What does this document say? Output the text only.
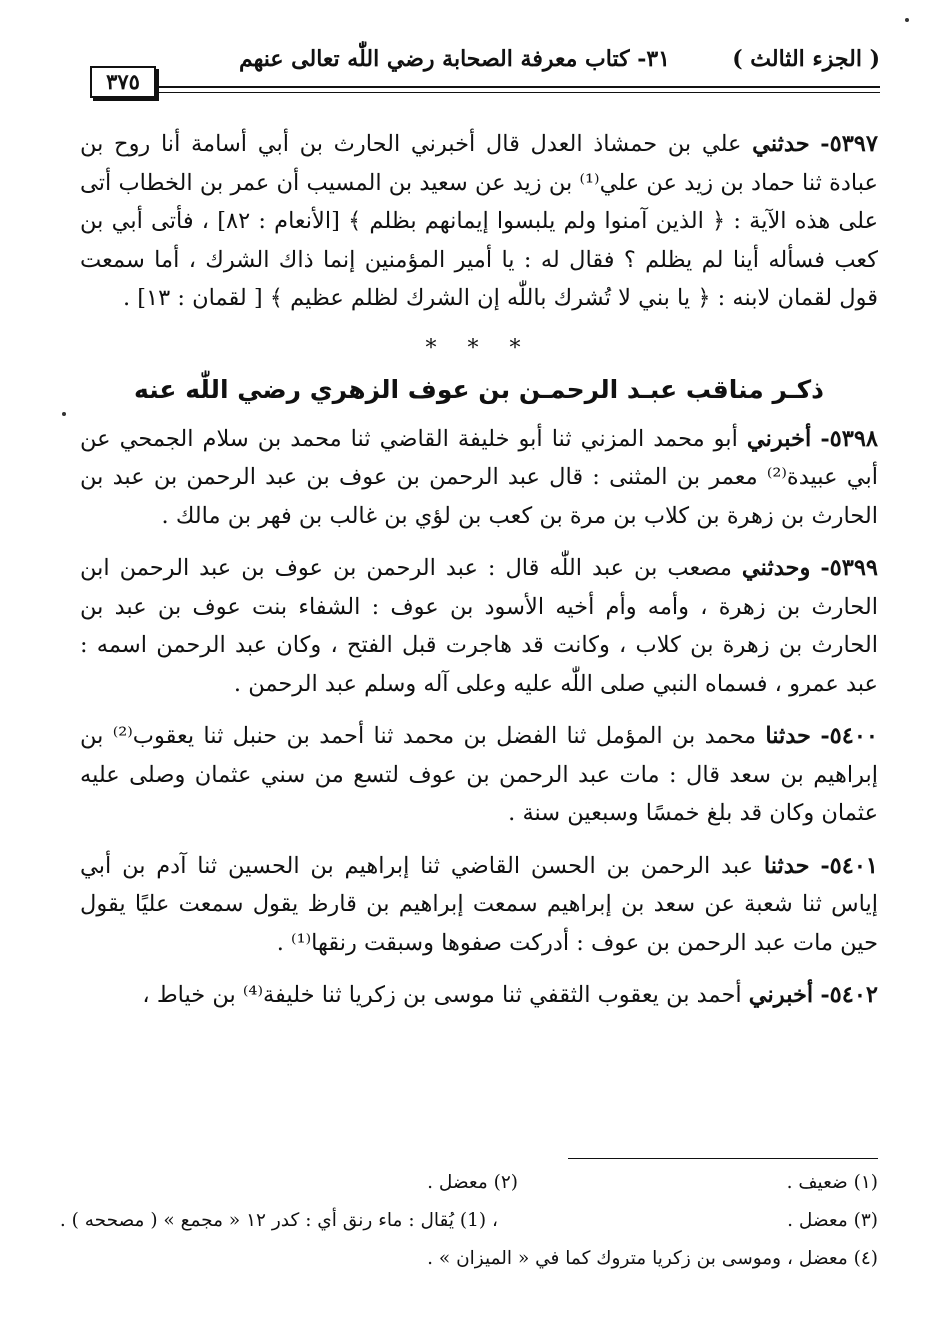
( الجزء الثالث )
٣١- كتاب معرفة الصحابة رضي اللّٰه تعالى عنهم
٣٧٥

٥٣٩٧- حدثني علي بن حمشاذ العدل قال أخبرني الحارث بن أبي أسامة أنا روح بن عبادة ثنا حماد بن زيد عن علي⁽¹⁾ بن زيد عن سعيد بن المسيب أن عمر بن الخطاب أتى على هذه الآية : ﴿ الذين آمنوا ولم يلبسوا إيمانهم بظلم ﴾ [الأنعام : ٨٢] ، فأتى أبي بن كعب فسأله أينا لم يظلم ؟ فقال له : يا أمير المؤمنين إنما ذاك الشرك ، أما سمعت قول لقمان لابنه : ﴿ يا بني لا تُشرك باللّٰه إن الشرك لظلم عظيم ﴾ [ لقمان : ١٣] .

* * *
ذكـر مناقب عبـد الرحمـن بن عوف الزهري رضي اللّٰه عنه

٥٣٩٨- أخبرني أبو محمد المزني ثنا أبو خليفة القاضي ثنا محمد بن سلام الجمحي عن أبي عبيدة⁽²⁾ معمر بن المثنى : قال عبد الرحمن بن عوف بن عبد الرحمن بن عبد بن الحارث بن زهرة بن كلاب بن مرة بن كعب بن لؤي بن غالب بن فهر بن مالك .

٥٣٩٩- وحدثني مصعب بن عبد اللّٰه قال : عبد الرحمن بن عوف بن عبد الرحمن ابن الحارث بن زهرة ، وأمه وأم أخيه الأسود بن عوف : الشفاء بنت عوف بن عبد بن الحارث بن زهرة بن كلاب ، وكانت قد هاجرت قبل الفتح ، وكان عبد الرحمن اسمه : عبد عمرو ، فسماه النبي صلى اللّٰه عليه وعلى آله وسلم عبد الرحمن .

٥٤٠٠- حدثنا محمد بن المؤمل ثنا الفضل بن محمد ثنا أحمد بن حنبل ثنا يعقوب⁽²⁾ بن إبراهيم بن سعد قال : مات عبد الرحمن بن عوف لتسع من سني عثمان وصلى عليه عثمان وكان قد بلغ خمسًا وسبعين سنة .

٥٤٠١- حدثنا عبد الرحمن بن الحسن القاضي ثنا إبراهيم بن الحسين ثنا آدم بن أبي إياس ثنا شعبة عن سعد بن إبراهيم سمعت إبراهيم بن قارظ يقول سمعت عليًا يقول حين مات عبد الرحمن بن عوف : أدركت صفوها وسبقت رنقها⁽¹⁾ .

٥٤٠٢- أخبرني أحمد بن يعقوب الثقفي ثنا موسى بن زكريا ثنا خليفة⁽⁴⁾ بن خياط ،

(١) ضعيف .
(٢) معضل .
(٣) معضل .
، (1) يُقال : ماء رنق أي : كدر ١٢ « مجمع » ( مصححه ) .
(٤) معضل ، وموسى بن زكريا متروك كما في « الميزان » .
